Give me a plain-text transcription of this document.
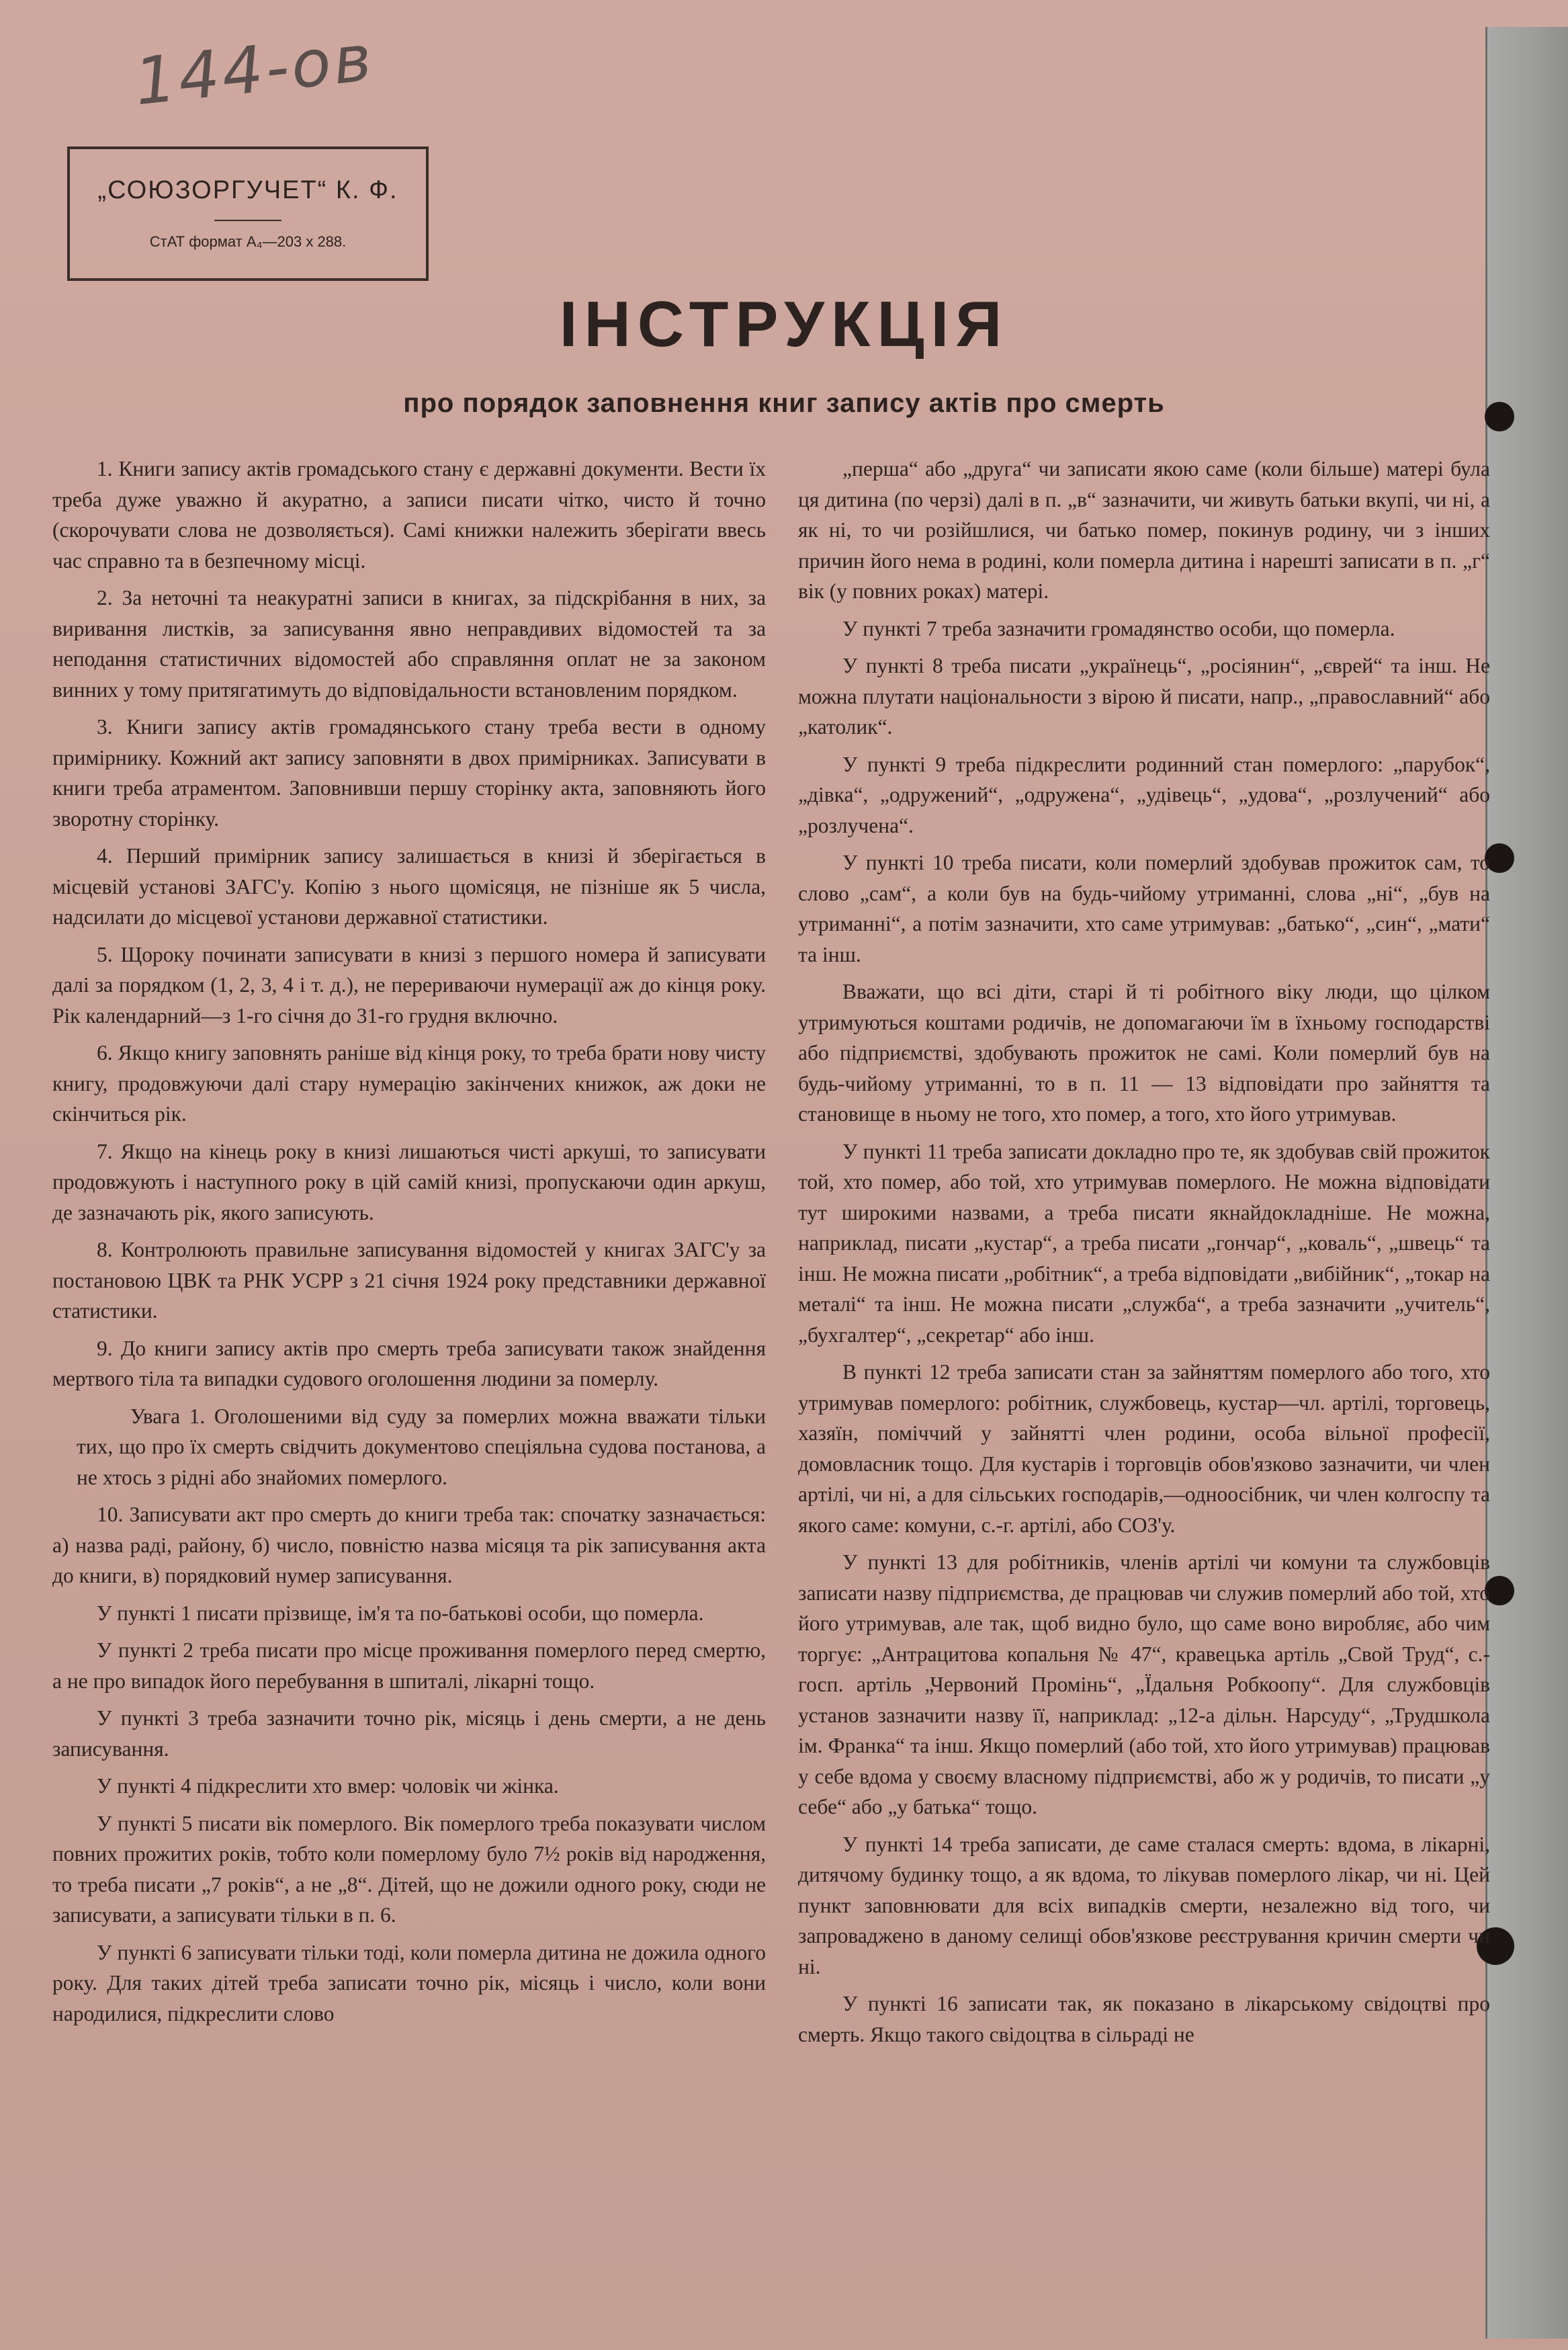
144-ов
„СОЮЗОРГУЧЕТ“ К. Ф.
СтАТ формат А₄—203 х 288.
ІНСТРУКЦІЯ
про порядок заповнення книг запису актів про смерть

1. Книги запису актів громадського стану є державні документи. Вести їх треба дуже уважно й акуратно, а записи писати чітко, чисто й точно (скорочувати слова не дозволяється). Самі книжки належить зберігати ввесь час справно та в безпечному місці.

2. За неточні та неакуратні записи в книгах, за підскрібання в них, за виривання листків, за записування явно неправдивих відомостей та за неподання статистичних відомостей або справляння оплат не за законом винних у тому притягатимуть до відповідальности встановленим порядком.

3. Книги запису актів громадянського стану треба вести в одному примірнику. Кожний акт запису заповняти в двох примірниках. Записувати в книги треба атраментом. Заповнивши першу сторінку акта, заповняють його зворотну сторінку.

4. Перший примірник запису залишається в книзі й зберігається в місцевій установі ЗАГС'у. Копію з нього щомісяця, не пізніше як 5 числа, надсилати до місцевої установи державної статистики.

5. Щороку починати записувати в книзі з першого номера й записувати далі за порядком (1, 2, 3, 4 і т. д.), не перериваючи нумерації аж до кінця року. Рік календарний—з 1-го січня до 31-го грудня включно.

6. Якщо книгу заповнять раніше від кінця року, то треба брати нову чисту книгу, продовжуючи далі стару нумерацію закінчених книжок, аж доки не скінчиться рік.

7. Якщо на кінець року в книзі лишаються чисті аркуші, то записувати продовжують і наступного року в цій самій книзі, пропускаючи один аркуш, де зазначають рік, якого записують.

8. Контролюють правильне записування відомостей у книгах ЗАГС'у за постановою ЦВК та РНК УСРР з 21 січня 1924 року представники державної статистики.

9. До книги запису актів про смерть треба записувати також знайдення мертвого тіла та випадки судового оголошення людини за померлу.

Увага 1. Оголошеними від суду за померлих можна вважати тільки тих, що про їх смерть свідчить документово спеціяльна судова постанова, а не хтось з рідні або знайомих померлого.

10. Записувати акт про смерть до книги треба так: спочатку зазначається: а) назва раді, району, б) число, повністю назва місяця та рік записування акта до книги, в) порядковий нумер записування.

У пункті 1 писати прізвище, ім'я та по-батькові особи, що померла.

У пункті 2 треба писати про місце проживання померлого перед смертю, а не про випадок його перебування в шпиталі, лікарні тощо.

У пункті 3 треба зазначити точно рік, місяць і день смерти, а не день записування.

У пункті 4 підкреслити хто вмер: чоловік чи жінка.

У пункті 5 писати вік померлого. Вік померлого треба показувати числом повних прожитих років, тобто коли померлому було 7½ років від народження, то треба писати „7 років“, а не „8“. Дітей, що не дожили одного року, сюди не записувати, а записувати тільки в п. 6.

У пункті 6 записувати тільки тоді, коли померла дитина не дожила одного року. Для таких дітей треба записати точно рік, місяць і число, коли вони народилися, підкреслити слово

„перша“ або „друга“ чи записати якою саме (коли більше) матері була ця дитина (по черзі) далі в п. „в“ зазначити, чи живуть батьки вкупі, чи ні, а як ні, то чи розійшлися, чи батько помер, покинув родину, чи з інших причин його нема в родині, коли померла дитина і нарешті записати в п. „г“ вік (у повних роках) матері.

У пункті 7 треба зазначити громадянство особи, що померла.

У пункті 8 треба писати „українець“, „росіянин“, „єврей“ та інш. Не можна плутати національности з вірою й писати, напр., „православний“ або „католик“.

У пункті 9 треба підкреслити родинний стан померлого: „парубок“, „дівка“, „одружений“, „одружена“, „удівець“, „удова“, „розлучений“ або „розлучена“.

У пункті 10 треба писати, коли померлий здобував прожиток сам, то слово „сам“, а коли був на будь-чийому утриманні, слова „ні“, „був на утриманні“, а потім зазначити, хто саме утримував: „батько“, „син“, „мати“ та інш.

Вважати, що всі діти, старі й ті робітного віку люди, що цілком утримуються коштами родичів, не допомагаючи їм в їхньому господарстві або підприємстві, здобувають прожиток не самі. Коли померлий був на будь-чийому утриманні, то в п. 11 — 13 відповідати про зайняття та становище в ньому не того, хто помер, а того, хто його утримував.

У пункті 11 треба записати докладно про те, як здобував свій прожиток той, хто помер, або той, хто утримував померлого. Не можна відповідати тут широкими назвами, а треба писати якнайдокладніше. Не можна, наприклад, писати „кустар“, а треба писати „гончар“, „коваль“, „швець“ та інш. Не можна писати „робітник“, а треба відповідати „вибійник“, „токар на металі“ та інш. Не можна писати „служба“, а треба зазначити „учитель“, „бухгалтер“, „секретар“ або інш.

В пункті 12 треба записати стан за зайняттям померлого або того, хто утримував померлого: робітник, службовець, кустар—чл. артілі, торговець, хазяїн, поміччий у зайнятті член родини, особа вільної професії, домовласник тощо. Для кустарів і торговців обов'язково зазначити, чи член артілі, чи ні, а для сільських господарів,—одноосібник, чи член колгоспу та якого саме: комуни, с.-г. артілі, або СОЗ'у.

У пункті 13 для робітників, членів артілі чи комуни та службовців записати назву підприємства, де працював чи служив померлий або той, хто його утримував, але так, щоб видно було, що саме воно виробляє, або чим торгує: „Антрацитова копальня № 47“, кравецька артіль „Свой Труд“, с.-госп. артіль „Червоний Промінь“, „Їдальня Робкоопу“. Для службовців установ зазначити назву її, наприклад: „12-а дільн. Нарсуду“, „Трудшкола ім. Франка“ та інш. Якщо померлий (або той, хто його утримував) працював у себе вдома у своєму власному підприємстві, або ж у родичів, то писати „у себе“ або „у батька“ тощо.

У пункті 14 треба записати, де саме сталася смерть: вдома, в лікарні, дитячому будинку тощо, а як вдома, то лікував померлого лікар, чи ні. Цей пункт заповнювати для всіх випадків смерти, незалежно від того, чи запроваджено в даному селищі обов'язкове реєстрування кричин смерти чи ні.

У пункті 16 записати так, як показано в лікарському свідоцтві про смерть. Якщо такого свідоцтва в сільраді не
